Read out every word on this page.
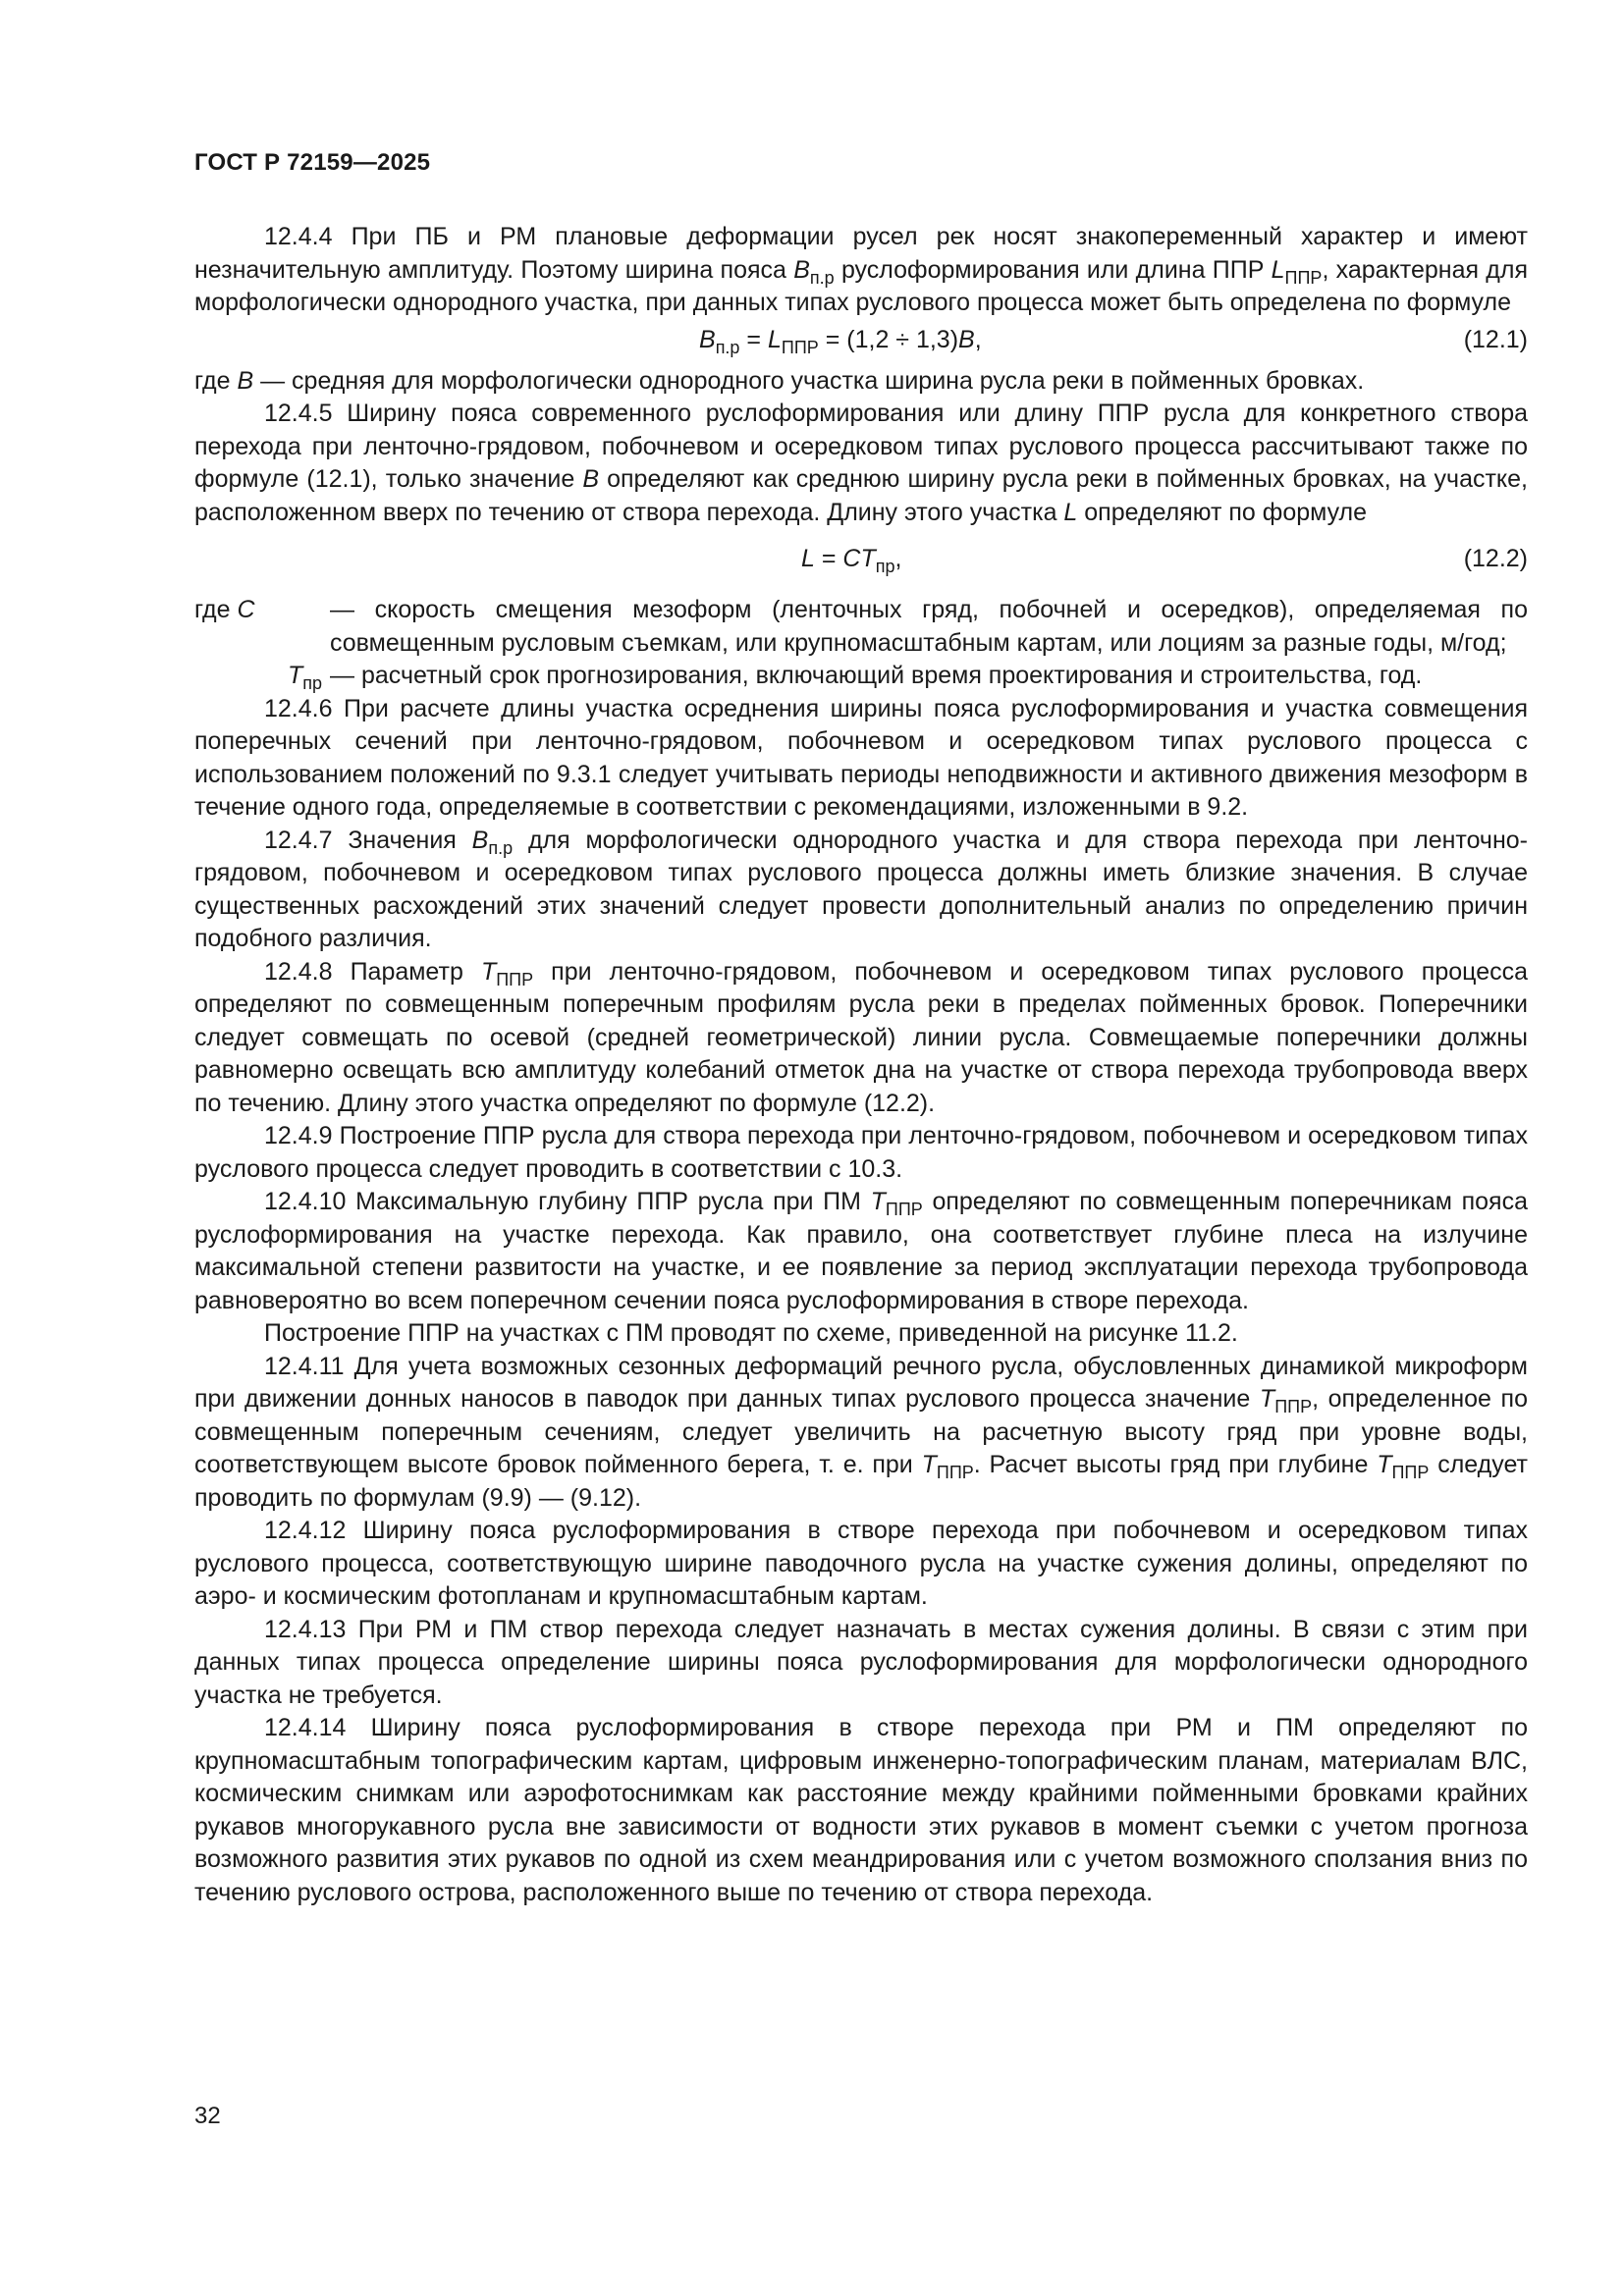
ГОСТ Р 72159—2025

12.4.4 При ПБ и РМ плановые деформации русел рек носят знакопеременный характер и имеют незначительную амплитуду. Поэтому ширина пояса $B_{п.р}$ руслоформирования или длина ППР $L_{ППР}$, характерная для морфологически однородного участка, при данных типах руслового процесса может быть определена по формуле

$B_{п.р} = L_{ППР} = (1,2 \div 1,3)B$,	(12.1)

где B — средняя для морфологически однородного участка ширина русла реки в пойменных бровках.

12.4.5 Ширину пояса современного руслоформирования или длину ППР русла для конкретного створа перехода при ленточно-грядовом, побочневом и осередковом типах руслового процесса рассчитывают также по формуле (12.1), только значение B определяют как среднюю ширину русла реки в пойменных бровках, на участке, расположенном вверх по течению от створа перехода. Длину этого участка L определяют по формуле

$L = CT_{пр}$,	(12.2)
где C	— скорость смещения мезоформ (ленточных гряд, побочней и осередков), определяемая по совмещенным русловым съемкам, или крупномасштабным картам, или лоциям за разные годы, м/год;
$T_{пр}$ — расчетный срок прогнозирования, включающий время проектирования и строительства, год.

12.4.6 При расчете длины участка осреднения ширины пояса руслоформирования и участка совмещения поперечных сечений при ленточно-грядовом, побочневом и осередковом типах руслового процесса с использованием положений по 9.3.1 следует учитывать периоды неподвижности и активного движения мезоформ в течение одного года, определяемые в соответствии с рекомендациями, изложенными в 9.2.

12.4.7 Значения $B_{п.р}$ для морфологически однородного участка и для створа перехода при ленточно-грядовом, побочневом и осередковом типах руслового процесса должны иметь близкие значения. В случае существенных расхождений этих значений следует провести дополнительный анализ по определению причин подобного различия.

12.4.8 Параметр $T_{ППР}$ при ленточно-грядовом, побочневом и осередковом типах руслового процесса определяют по совмещенным поперечным профилям русла реки в пределах пойменных бровок. Поперечники следует совмещать по осевой (средней геометрической) линии русла. Совмещаемые поперечники должны равномерно освещать всю амплитуду колебаний отметок дна на участке от створа перехода трубопровода вверх по течению. Длину этого участка определяют по формуле (12.2).

12.4.9 Построение ППР русла для створа перехода при ленточно-грядовом, побочневом и осередковом типах руслового процесса следует проводить в соответствии с 10.3.

12.4.10 Максимальную глубину ППР русла при ПМ $T_{ППР}$ определяют по совмещенным поперечникам пояса руслоформирования на участке перехода. Как правило, она соответствует глубине плеса на излучине максимальной степени развитости на участке, и ее появление за период эксплуатации перехода трубопровода равновероятно во всем поперечном сечении пояса руслоформирования в створе перехода.

Построение ППР на участках с ПМ проводят по схеме, приведенной на рисунке 11.2.

12.4.11 Для учета возможных сезонных деформаций речного русла, обусловленных динамикой микроформ при движении донных наносов в паводок при данных типах руслового процесса значение $T_{ППР}$, определенное по совмещенным поперечным сечениям, следует увеличить на расчетную высоту гряд при уровне воды, соответствующем высоте бровок пойменного берега, т. е. при $T_{ППР}$. Расчет высоты гряд при глубине $T_{ППР}$ следует проводить по формулам (9.9) — (9.12).

12.4.12 Ширину пояса руслоформирования в створе перехода при побочневом и осередковом типах руслового процесса, соответствующую ширине паводочного русла на участке сужения долины, определяют по аэро- и космическим фотопланам и крупномасштабным картам.

12.4.13 При РМ и ПМ створ перехода следует назначать в местах сужения долины. В связи с этим при данных типах процесса определение ширины пояса руслоформирования для морфологически однородного участка не требуется.

12.4.14 Ширину пояса руслоформирования в створе перехода при РМ и ПМ определяют по крупномасштабным топографическим картам, цифровым инженерно-топографическим планам, материалам ВЛС, космическим снимкам или аэрофотоснимкам как расстояние между крайними пойменными бровками крайних рукавов многорукавного русла вне зависимости от водности этих рукавов в момент съемки с учетом прогноза возможного развития этих рукавов по одной из схем меандрирования или с учетом возможного сползания вниз по течению руслового острова, расположенного выше по течению от створа перехода.

32
